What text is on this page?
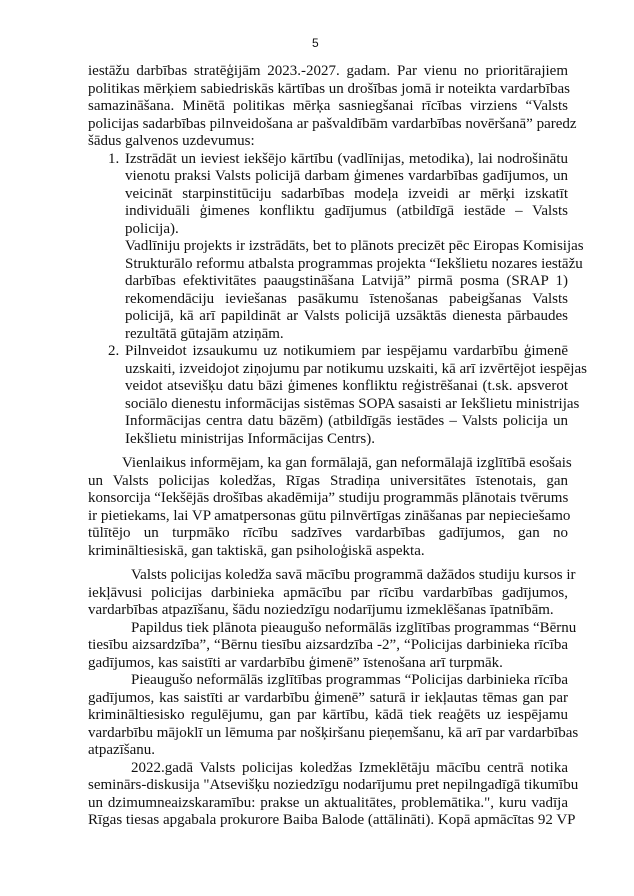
5
iestāžu darbības stratēģijām 2023.-2027. gadam. Par vienu no prioritārajiem
politikas mērķiem sabiedriskās kārtības un drošības jomā ir noteikta vardarbības
samazināšana. Minētā politikas mērķa sasniegšanai rīcības virziens “Valsts
policijas sadarbības pilnveidošana ar pašvaldībām vardarbības novēršanā” paredz
šādus galvenos uzdevumus:
1. Izstrādāt un ieviest iekšējo kārtību (vadlīnijas, metodika), lai nodrošinātu
vienotu praksi Valsts policijā darbam ģimenes vardarbības gadījumos, un
veicināt starpinstitūciju sadarbības modeļa izveidi ar mērķi izskatīt
individuāli ģimenes konfliktu gadījumus (atbildīgā iestāde – Valsts
policija).
Vadlīniju projekts ir izstrādāts, bet to plānots precizēt pēc Eiropas Komisijas
Strukturālo reformu atbalsta programmas projekta “Iekšlietu nozares iestāžu
darbības efektivitātes paaugstināšana Latvijā” pirmā posma (SRAP 1)
rekomendāciju ieviešanas pasākumu īstenošanas pabeigšanas Valsts
policijā, kā arī papildināt ar Valsts policijā uzsāktās dienesta pārbaudes
rezultātā gūtajām atziņām.
2. Pilnveidot izsaukumu uz notikumiem par iespējamu vardarbību ģimenē
uzskaiti, izveidojot ziņojumu par notikumu uzskaiti, kā arī izvērtējot iespējas
veidot atsevišķu datu bāzi ģimenes konfliktu reģistrēšanai (t.sk. apsverot
sociālo dienestu informācijas sistēmas SOPA sasaisti ar Iekšlietu ministrijas
Informācijas centra datu bāzēm) (atbildīgās iestādes – Valsts policija un
Iekšlietu ministrijas Informācijas Centrs).
Vienlaikus informējam, ka gan formālajā, gan neformālajā izglītībā esošais
un Valsts policijas koledžas, Rīgas Stradiņa universitātes īstenotais, gan
konsorcija “Iekšējās drošības akadēmija” studiju programmās plānotais tvērums
ir pietiekams, lai VP amatpersonas gūtu pilnvērtīgas zināšanas par nepieciešamo
tūlītējo un turpmāko rīcību sadzīves vardarbības gadījumos, gan no
krimināltiesiskā, gan taktiskā, gan psiholoģiskā aspekta.
Valsts policijas koledža savā mācību programmā dažādos studiju kursos ir
iekļāvusi policijas darbinieka apmācību par rīcību vardarbības gadījumos,
vardarbības atpazīšanu, šādu noziedzīgu nodarījumu izmeklēšanas īpatnībām.
Papildus tiek plānota pieaugušo neformālās izglītības programmas “Bērnu
tiesību aizsardzība”, “Bērnu tiesību aizsardzība -2”, “Policijas darbinieka rīcība
gadījumos, kas saistīti ar vardarbību ģimenē” īstenošana arī turpmāk.
Pieaugušo neformālās izglītības programmas “Policijas darbinieka rīcība
gadījumos, kas saistīti ar vardarbību ģimenē” saturā ir iekļautas tēmas gan par
krimināltiesisko regulējumu, gan par kārtību, kādā tiek reaģēts uz iespējamu
vardarbību mājoklī un lēmuma par nošķiršanu pieņemšanu, kā arī par vardarbības
atpazīšanu.
2022.gadā Valsts policijas koledžas Izmeklētāju mācību centrā notika
seminārs-diskusija "Atsevišķu noziedzīgu nodarījumu pret nepilngadīgā tikumību
un dzimumneaizskaramību: prakse un aktualitātes, problemātika.", kuru vadīja
Rīgas tiesas apgabala prokurore Baiba Balode (attālināti). Kopā apmācītas 92 VP
